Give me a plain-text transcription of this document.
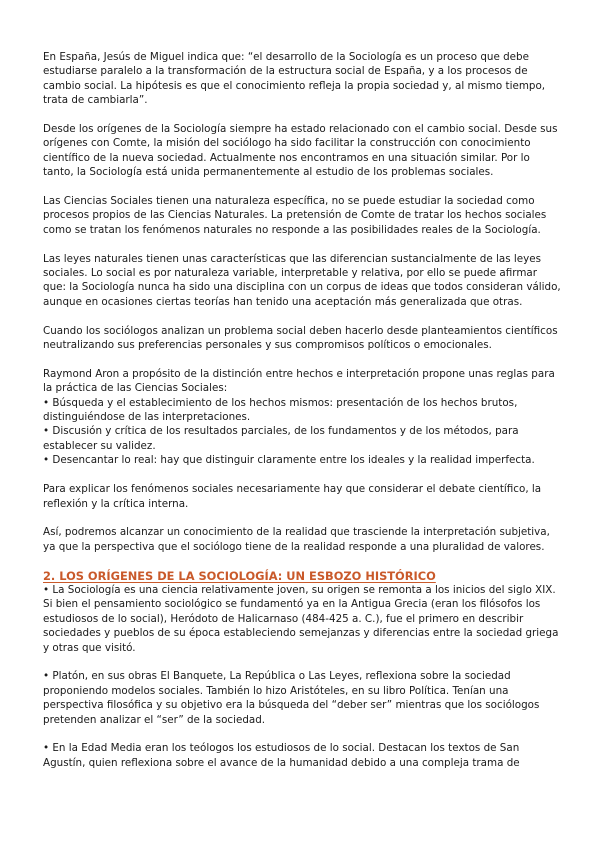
En España, Jesús de Miguel indica que: “el desarrollo de la Sociología es un proceso que debe estudiarse paralelo a la transformación de la estructura social de España, y a los procesos de cambio social. La hipótesis es que el conocimiento refleja la propia sociedad y, al mismo tiempo, trata de cambiarla”.

Desde los orígenes de la Sociología siempre ha estado relacionado con el cambio social. Desde sus orígenes con Comte, la misión del sociólogo ha sido facilitar la construcción con conocimiento científico de la nueva sociedad. Actualmente nos encontramos en una situación similar. Por lo tanto, la Sociología está unida permanentemente al estudio de los problemas sociales.

Las Ciencias Sociales tienen una naturaleza específica, no se puede estudiar la sociedad como procesos propios de las Ciencias Naturales. La pretensión de Comte de tratar los hechos sociales como se tratan los fenómenos naturales no responde a las posibilidades reales de la Sociología.

Las leyes naturales tienen unas características que las diferencian sustancialmente de las leyes sociales. Lo social es por naturaleza variable, interpretable y relativa, por ello se puede afirmar que: la Sociología nunca ha sido una disciplina con un corpus de ideas que todos consideran válido, aunque en ocasiones ciertas teorías han tenido una aceptación más generalizada que otras.

Cuando los sociólogos analizan un problema social deben hacerlo desde planteamientos científicos neutralizando sus preferencias personales y sus compromisos políticos o emocionales.

Raymond Aron a propósito de la distinción entre hechos e interpretación propone unas reglas para la práctica de las Ciencias Sociales:

• Búsqueda y el establecimiento de los hechos mismos: presentación de los hechos brutos, distinguiéndose de las interpretaciones.

• Discusión y crítica de los resultados parciales, de los fundamentos y de los métodos, para establecer su validez.

• Desencantar lo real: hay que distinguir claramente entre los ideales y la realidad imperfecta.

Para explicar los fenómenos sociales necesariamente hay que considerar el debate científico, la reflexión y la crítica interna.

Así, podremos alcanzar un conocimiento de la realidad que trasciende la interpretación subjetiva, ya que la perspectiva que el sociólogo tiene de la realidad responde a una pluralidad de valores.

2. LOS ORÍGENES DE LA SOCIOLOGÍA: UN ESBOZO HISTÓRICO

• La Sociología es una ciencia relativamente joven, su origen se remonta a los inicios del siglo XIX. Si bien el pensamiento sociológico se fundamentó ya en la Antigua Grecia (eran los filósofos los estudiosos de lo social), Heródoto de Halicarnaso (484-425 a. C.), fue el primero en describir sociedades y pueblos de su época estableciendo semejanzas y diferencias entre la sociedad griega y otras que visitó.

• Platón, en sus obras El Banquete, La República o Las Leyes, reflexiona sobre la sociedad proponiendo modelos sociales. También lo hizo Aristóteles, en su libro Política. Tenían una perspectiva filosófica y su objetivo era la búsqueda del “deber ser” mientras que los sociólogos pretenden analizar el “ser” de la sociedad.

• En la Edad Media eran los teólogos los estudiosos de lo social. Destacan los textos de San Agustín, quien reflexiona sobre el avance de la humanidad debido a una compleja trama de
